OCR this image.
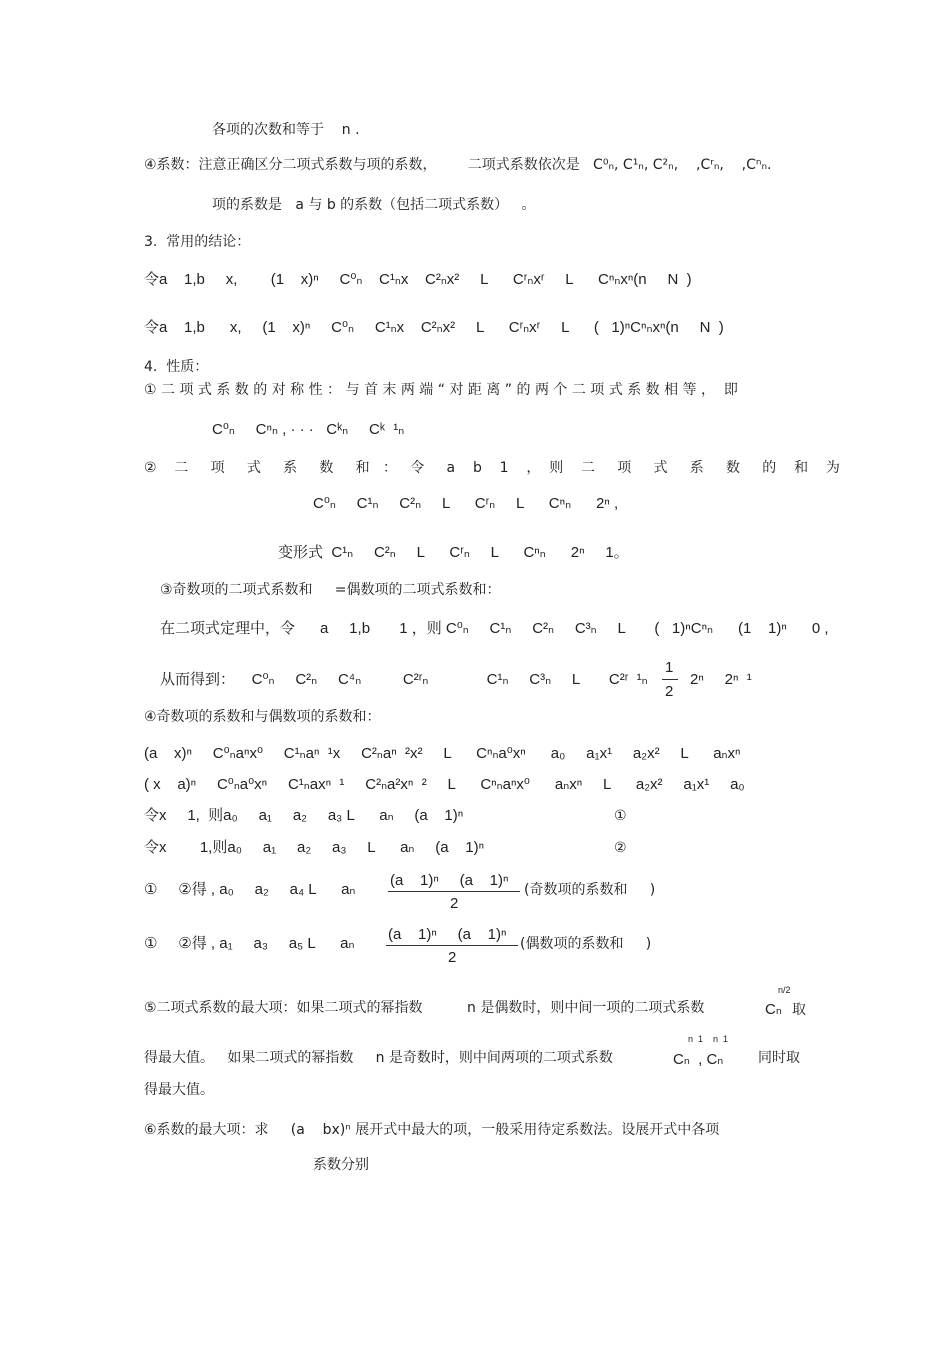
各项的次数和等于    n .
④系数：注意正确区分二项式系数与项的系数，       二项式系数依次是   C⁰ₙ, C¹ₙ, C²ₙ,    ,Cʳₙ,    ,Cⁿₙ.
项的系数是   a 与 b 的系数（包括二项式系数）   。
3.  常用的结论：
令a    1,b     x,        (1    x)ⁿ     C⁰ₙ    C¹ₙx    C²ₙx²     L      Cʳₙxʳ     L      Cⁿₙxⁿ(n     N  )
令a    1,b      x,     (1    x)ⁿ     C⁰ₙ     C¹ₙx    C²ₙx²     L      Cʳₙxʳ     L      (   1)ⁿCⁿₙxⁿ(n     N  )
4.  性质：
① 二 项 式 系 数 的 对 称 性 ： 与 首 末 两 端 “ 对 距 离 ” 的 两 个 二 项 式 系 数 相 等 ，  即
C⁰ₙ     Cⁿₙ , · · ·   Cᵏₙ     Cᵏ  ¹ₙ
②    二     项     式     系     数     和   ：   令     a    b    1    ，  则    二     项     式     系     数     的    和    为
C⁰ₙ     C¹ₙ     C²ₙ     L      Cʳₙ     L      Cⁿₙ      2ⁿ ,
变形式  C¹ₙ     C²ₙ     L      Cʳₙ     L      Cⁿₙ      2ⁿ     1。
③奇数项的二项式系数和     =偶数项的二项式系数和：
在二项式定理中，令      a     1,b       1 ，则 C⁰ₙ     C¹ₙ     C²ₙ     C³ₙ     L       (   1)ⁿCⁿₙ      (1    1)ⁿ      0 ,
从而得到：    C⁰ₙ     C²ₙ     C⁴ₙ          C²ʳₙ              C¹ₙ     C³ₙ     L       C²ʳ  ¹ₙ
1
2
2ⁿ     2ⁿ  ¹
④奇数项的系数和与偶数项的系数和：
(a    x)ⁿ     C⁰ₙaⁿx⁰     C¹ₙaⁿ  ¹x     C²ₙaⁿ  ²x²     L      Cⁿₙa⁰xⁿ      a₀     a₁x¹     a₂x²     L      aₙxⁿ
( x    a)ⁿ     C⁰ₙa⁰xⁿ     C¹ₙaxⁿ  ¹     C²ₙa²xⁿ  ²     L      Cⁿₙaⁿx⁰      aₙxⁿ     L      a₂x²     a₁x¹     a₀
令x     1,  则a₀     a₁     a₂     a₃ L      aₙ     (a    1)ⁿ	①
令x        1,则a₀     a₁     a₂     a₃     L      aₙ     (a    1)ⁿ	②
①     ②得 , a₀     a₂     a₄ L      aₙ
(a    1)ⁿ     (a    1)ⁿ
2
(奇数项的系数和     )
①     ②得 , a₁     a₃     a₅ L      aₙ
(a    1)ⁿ     (a    1)ⁿ
2
(偶数项的系数和     )
⑤二项式系数的最大项：如果二项式的幂指数          n 是偶数时，则中间一项的二项式系数
n/2
Cₙ 取
得最大值。   如果二项式的幂指数     n 是奇数时，则中间两项的二项式系数
n  1    n  1
Cₙ  , Cₙ 同时取
得最大值。
⑥系数的最大项：求     (a    bx)ⁿ 展开式中最大的项，一般采用待定系数法。设展开式中各项
系数分别
